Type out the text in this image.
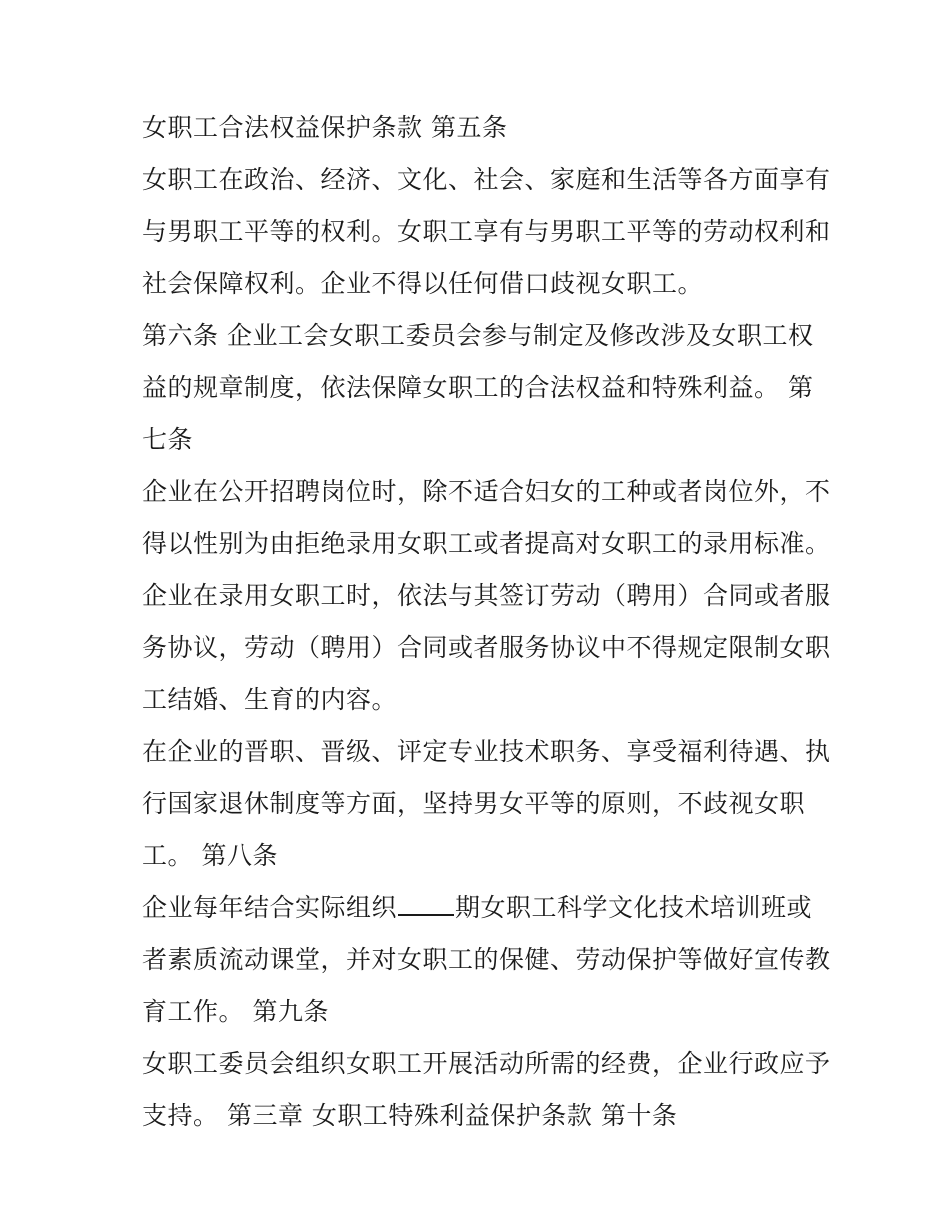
女职工合法权益保护条款 第五条
女职工在政治、经济、文化、社会、家庭和生活等各方面享有
与男职工平等的权利。女职工享有与男职工平等的劳动权利和
社会保障权利。企业不得以任何借口歧视女职工。
第六条 企业工会女职工委员会参与制定及修改涉及女职工权
益的规章制度，依法保障女职工的合法权益和特殊利益。 第
七条
企业在公开招聘岗位时，除不适合妇女的工种或者岗位外，不
得以性别为由拒绝录用女职工或者提高对女职工的录用标准。
企业在录用女职工时，依法与其签订劳动（聘用）合同或者服
务协议，劳动（聘用）合同或者服务协议中不得规定限制女职
工结婚、生育的内容。
在企业的晋职、晋级、评定专业技术职务、享受福利待遇、执
行国家退休制度等方面，坚持男女平等的原则，不歧视女职
工。 第八条
企业每年结合实际组织 期女职工科学文化技术培训班或
者素质流动课堂，并对女职工的保健、劳动保护等做好宣传教
育工作。 第九条
女职工委员会组织女职工开展活动所需的经费，企业行政应予
支持。 第三章 女职工特殊利益保护条款 第十条
